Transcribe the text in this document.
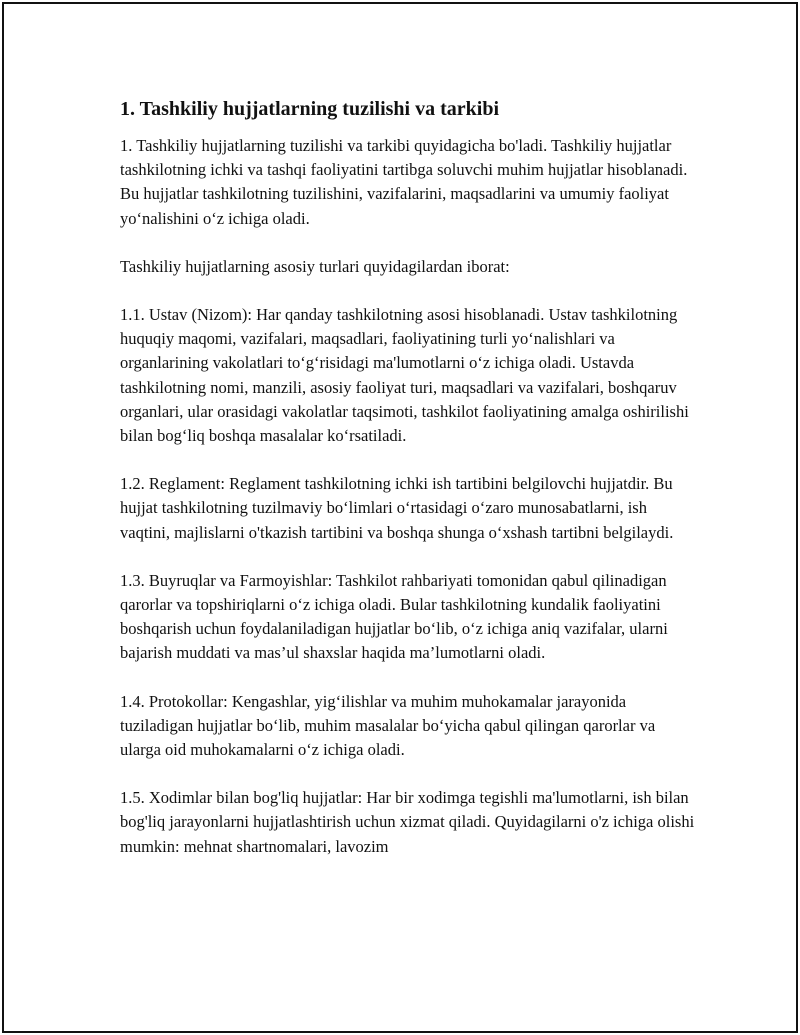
1. Tashkiliy hujjatlarning tuzilishi va tarkibi

1. Tashkiliy hujjatlarning tuzilishi va tarkibi quyidagicha bo'ladi. Tashkiliy hujjatlar tashkilotning ichki va tashqi faoliyatini tartibga soluvchi muhim hujjatlar hisoblanadi. Bu hujjatlar tashkilotning tuzilishini, vazifalarini, maqsadlarini va umumiy faoliyat yo‘nalishini o‘z ichiga oladi.

Tashkiliy hujjatlarning asosiy turlari quyidagilardan iborat:

1.1. Ustav (Nizom): Har qanday tashkilotning asosi hisoblanadi. Ustav tashkilotning huquqiy maqomi, vazifalari, maqsadlari, faoliyatining turli yo‘nalishlari va organlarining vakolatlari to‘g‘risidagi ma'lumotlarni o‘z ichiga oladi. Ustavda tashkilotning nomi, manzili, asosiy faoliyat turi, maqsadlari va vazifalari, boshqaruv organlari, ular orasidagi vakolatlar taqsimoti, tashkilot faoliyatining amalga oshirilishi bilan bog‘liq boshqa masalalar ko‘rsatiladi.

1.2. Reglament: Reglament tashkilotning ichki ish tartibini belgilovchi hujjatdir. Bu hujjat tashkilotning tuzilmaviy bo‘limlari o‘rtasidagi o‘zaro munosabatlarni, ish vaqtini, majlislarni o'tkazish tartibini va boshqa shunga o‘xshash tartibni belgilaydi.

1.3. Buyruqlar va Farmoyishlar: Tashkilot rahbariyati tomonidan qabul qilinadigan qarorlar va topshiriqlarni o‘z ichiga oladi. Bular tashkilotning kundalik faoliyatini boshqarish uchun foydalaniladigan hujjatlar bo‘lib, o‘z ichiga aniq vazifalar, ularni bajarish muddati va mas’ul shaxslar haqida ma’lumotlarni oladi.

1.4. Protokollar: Kengashlar, yig‘ilishlar va muhim muhokamalar jarayonida tuziladigan hujjatlar bo‘lib, muhim masalalar bo‘yicha qabul qilingan qarorlar va ularga oid muhokamalarni o‘z ichiga oladi.

1.5. Xodimlar bilan bog'liq hujjatlar: Har bir xodimga tegishli ma'lumotlarni, ish bilan bog'liq jarayonlarni hujjatlashtirish uchun xizmat qiladi. Quyidagilarni o'z ichiga olishi mumkin: mehnat shartnomalari, lavozim
